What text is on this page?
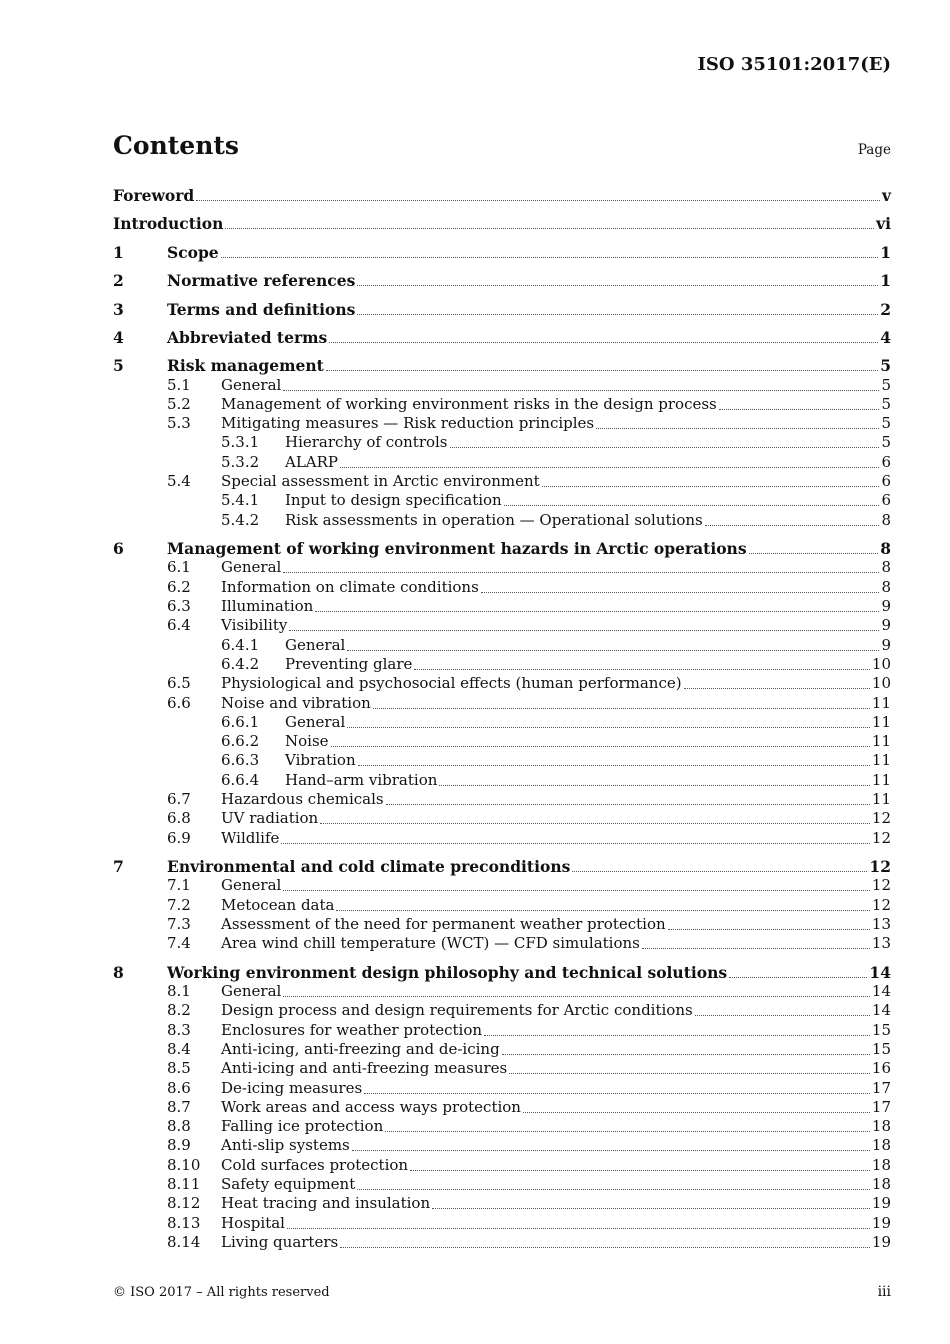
ISO 35101:2017(E)
Contents	Page
Foreword	v
Introduction	vi
1	Scope	1
2	Normative references	1
3	Terms and definitions	2
4	Abbreviated terms	4
5	Risk management	5
5.1	General	5
5.2	Management of working environment risks in the design process	5
5.3	Mitigating measures — Risk reduction principles	5
5.3.1	Hierarchy of controls	5
5.3.2	ALARP	6
5.4	Special assessment in Arctic environment	6
5.4.1	Input to design specification	6
5.4.2	Risk assessments in operation — Operational solutions	8
6	Management of working environment hazards in Arctic operations	8
6.1	General	8
6.2	Information on climate conditions	8
6.3	Illumination	9
6.4	Visibility	9
6.4.1	General	9
6.4.2	Preventing glare	10
6.5	Physiological and psychosocial effects (human performance)	10
6.6	Noise and vibration	11
6.6.1	General	11
6.6.2	Noise	11
6.6.3	Vibration	11
6.6.4	Hand–arm vibration	11
6.7	Hazardous chemicals	11
6.8	UV radiation	12
6.9	Wildlife	12
7	Environmental and cold climate preconditions	12
7.1	General	12
7.2	Metocean data	12
7.3	Assessment of the need for permanent weather protection	13
7.4	Area wind chill temperature (WCT) — CFD simulations	13
8	Working environment design philosophy and technical solutions	14
8.1	General	14
8.2	Design process and design requirements for Arctic conditions	14
8.3	Enclosures for weather protection	15
8.4	Anti-icing, anti-freezing and de-icing	15
8.5	Anti-icing and anti-freezing measures	16
8.6	De-icing measures	17
8.7	Work areas and access ways protection	17
8.8	Falling ice protection	18
8.9	Anti-slip systems	18
8.10	Cold surfaces protection	18
8.11	Safety equipment	18
8.12	Heat tracing and insulation	19
8.13	Hospital	19
8.14	Living quarters	19
© ISO 2017 – All rights reserved	iii
